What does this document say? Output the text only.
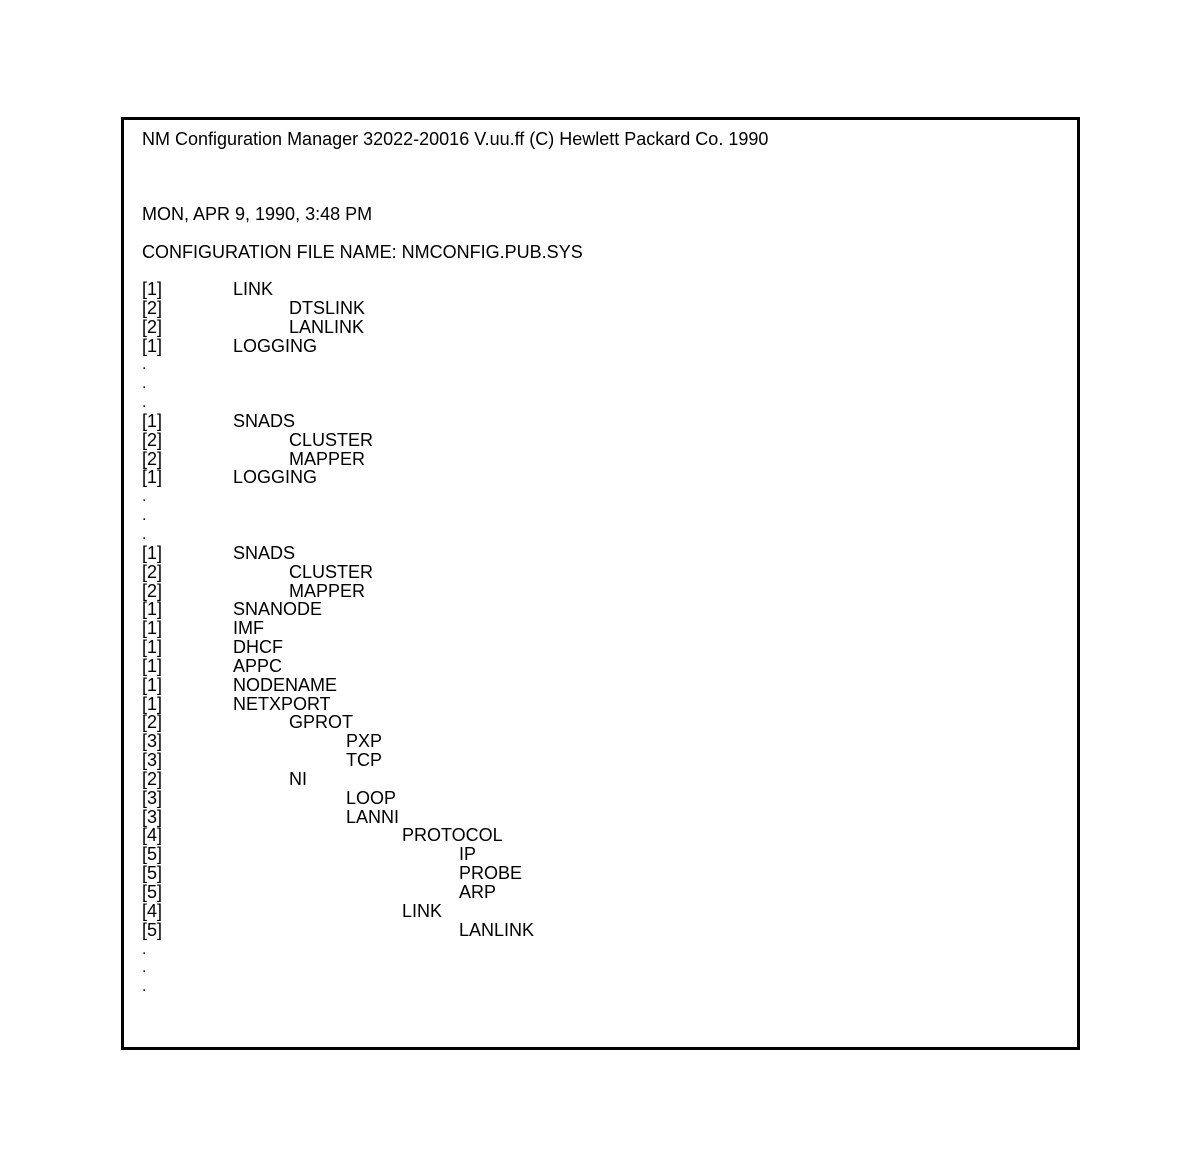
NM Configuration Manager 32022-20016 V.uu.ff (C) Hewlett Packard Co. 1990
MON, APR 9, 1990, 3:48 PM
CONFIGURATION FILE NAME: NMCONFIG.PUB.SYS
[1]	LINK
[2]	DTSLINK
[2]	LANLINK
[1]	LOGGING
.
.
.
[1]	SNADS
[2]	CLUSTER
[2]	MAPPER
[1]	LOGGING
.
.
.
[1]	SNADS
[2]	CLUSTER
[2]	MAPPER
[1]	SNANODE
[1]	IMF
[1]	DHCF
[1]	APPC
[1]	NODENAME
[1]	NETXPORT
[2]	GPROT
[3]	PXP
[3]	TCP
[2]	NI
[3]	LOOP
[3]	LANNI
[4]	PROTOCOL
[5]	IP
[5]	PROBE
[5]	ARP
[4]	LINK
[5]	LANLINK
.
.
.
